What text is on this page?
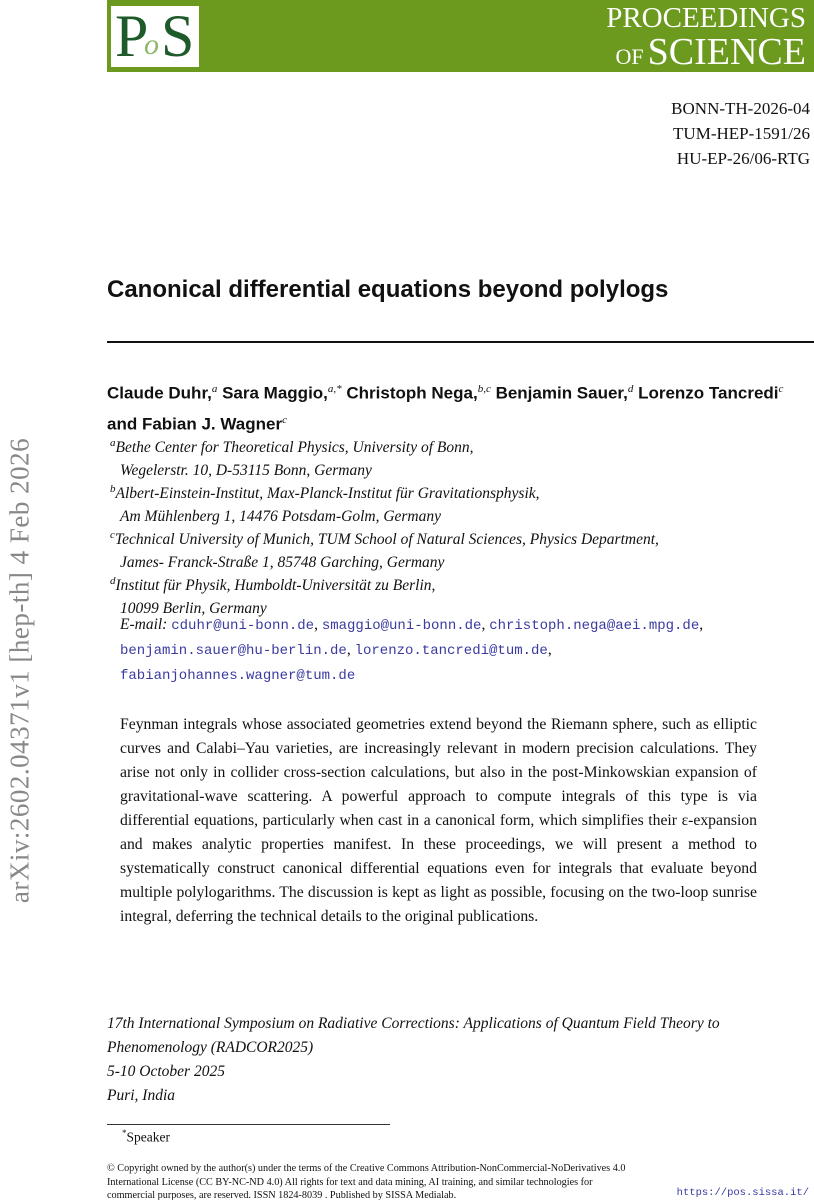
P
o S	PROCEEDINGS
OF SCIENCE
BONN-TH-2026-04
TUM-HEP-1591/26
HU-EP-26/06-RTG
arXiv:2602.04371v1 [hep-th] 4 Feb 2026
Canonical differential equations beyond polylogs
Claude Duhr,$^a$ Sara Maggio,$^{a,*}$ Christoph Nega,$^{b,c}$ Benjamin Sauer,$^d$ Lorenzo Tancredi$^c$ and Fabian J. Wagner$^c$
$^a$Bethe Center for Theoretical Physics, University of Bonn,
Wegelerstr. 10, D-53115 Bonn, Germany
$^b$Albert-Einstein-Institut, Max-Planck-Institut für Gravitationsphysik,
Am Mühlenberg 1, 14476 Potsdam-Golm, Germany
$^c$Technical University of Munich, TUM School of Natural Sciences, Physics Department,
James- Franck-Straße 1, 85748 Garching, Germany
$^d$Institut für Physik, Humboldt-Universität zu Berlin,
10099 Berlin, Germany
E-mail: cduhr@uni-bonn.de, smaggio@uni-bonn.de, christoph.nega@aei.mpg.de,
benjamin.sauer@hu-berlin.de, lorenzo.tancredi@tum.de,
fabianjohannes.wagner@tum.de
Feynman integrals whose associated geometries extend beyond the Riemann sphere, such as elliptic curves and Calabi–Yau varieties, are increasingly relevant in modern precision calculations. They arise not only in collider cross-section calculations, but also in the post-Minkowskian expansion of gravitational-wave scattering. A powerful approach to compute integrals of this type is via differential equations, particularly when cast in a canonical form, which simplifies their ε-expansion and makes analytic properties manifest. In these proceedings, we will present a method to systematically construct canonical differential equations even for integrals that evaluate beyond multiple polylogarithms. The discussion is kept as light as possible, focusing on the two-loop sunrise integral, deferring the technical details to the original publications.
17th International Symposium on Radiative Corrections: Applications of Quantum Field Theory to Phenomenology (RADCOR2025)
5-10 October 2025
Puri, India
*Speaker
© Copyright owned by the author(s) under the terms of the Creative Commons Attribution-NonCommercial-NoDerivatives 4.0 International License (CC BY-NC-ND 4.0) All rights for text and data mining, AI training, and similar technologies for commercial purposes, are reserved. ISSN 1824-8039 . Published by SISSA Medialab.	https://pos.sissa.it/
